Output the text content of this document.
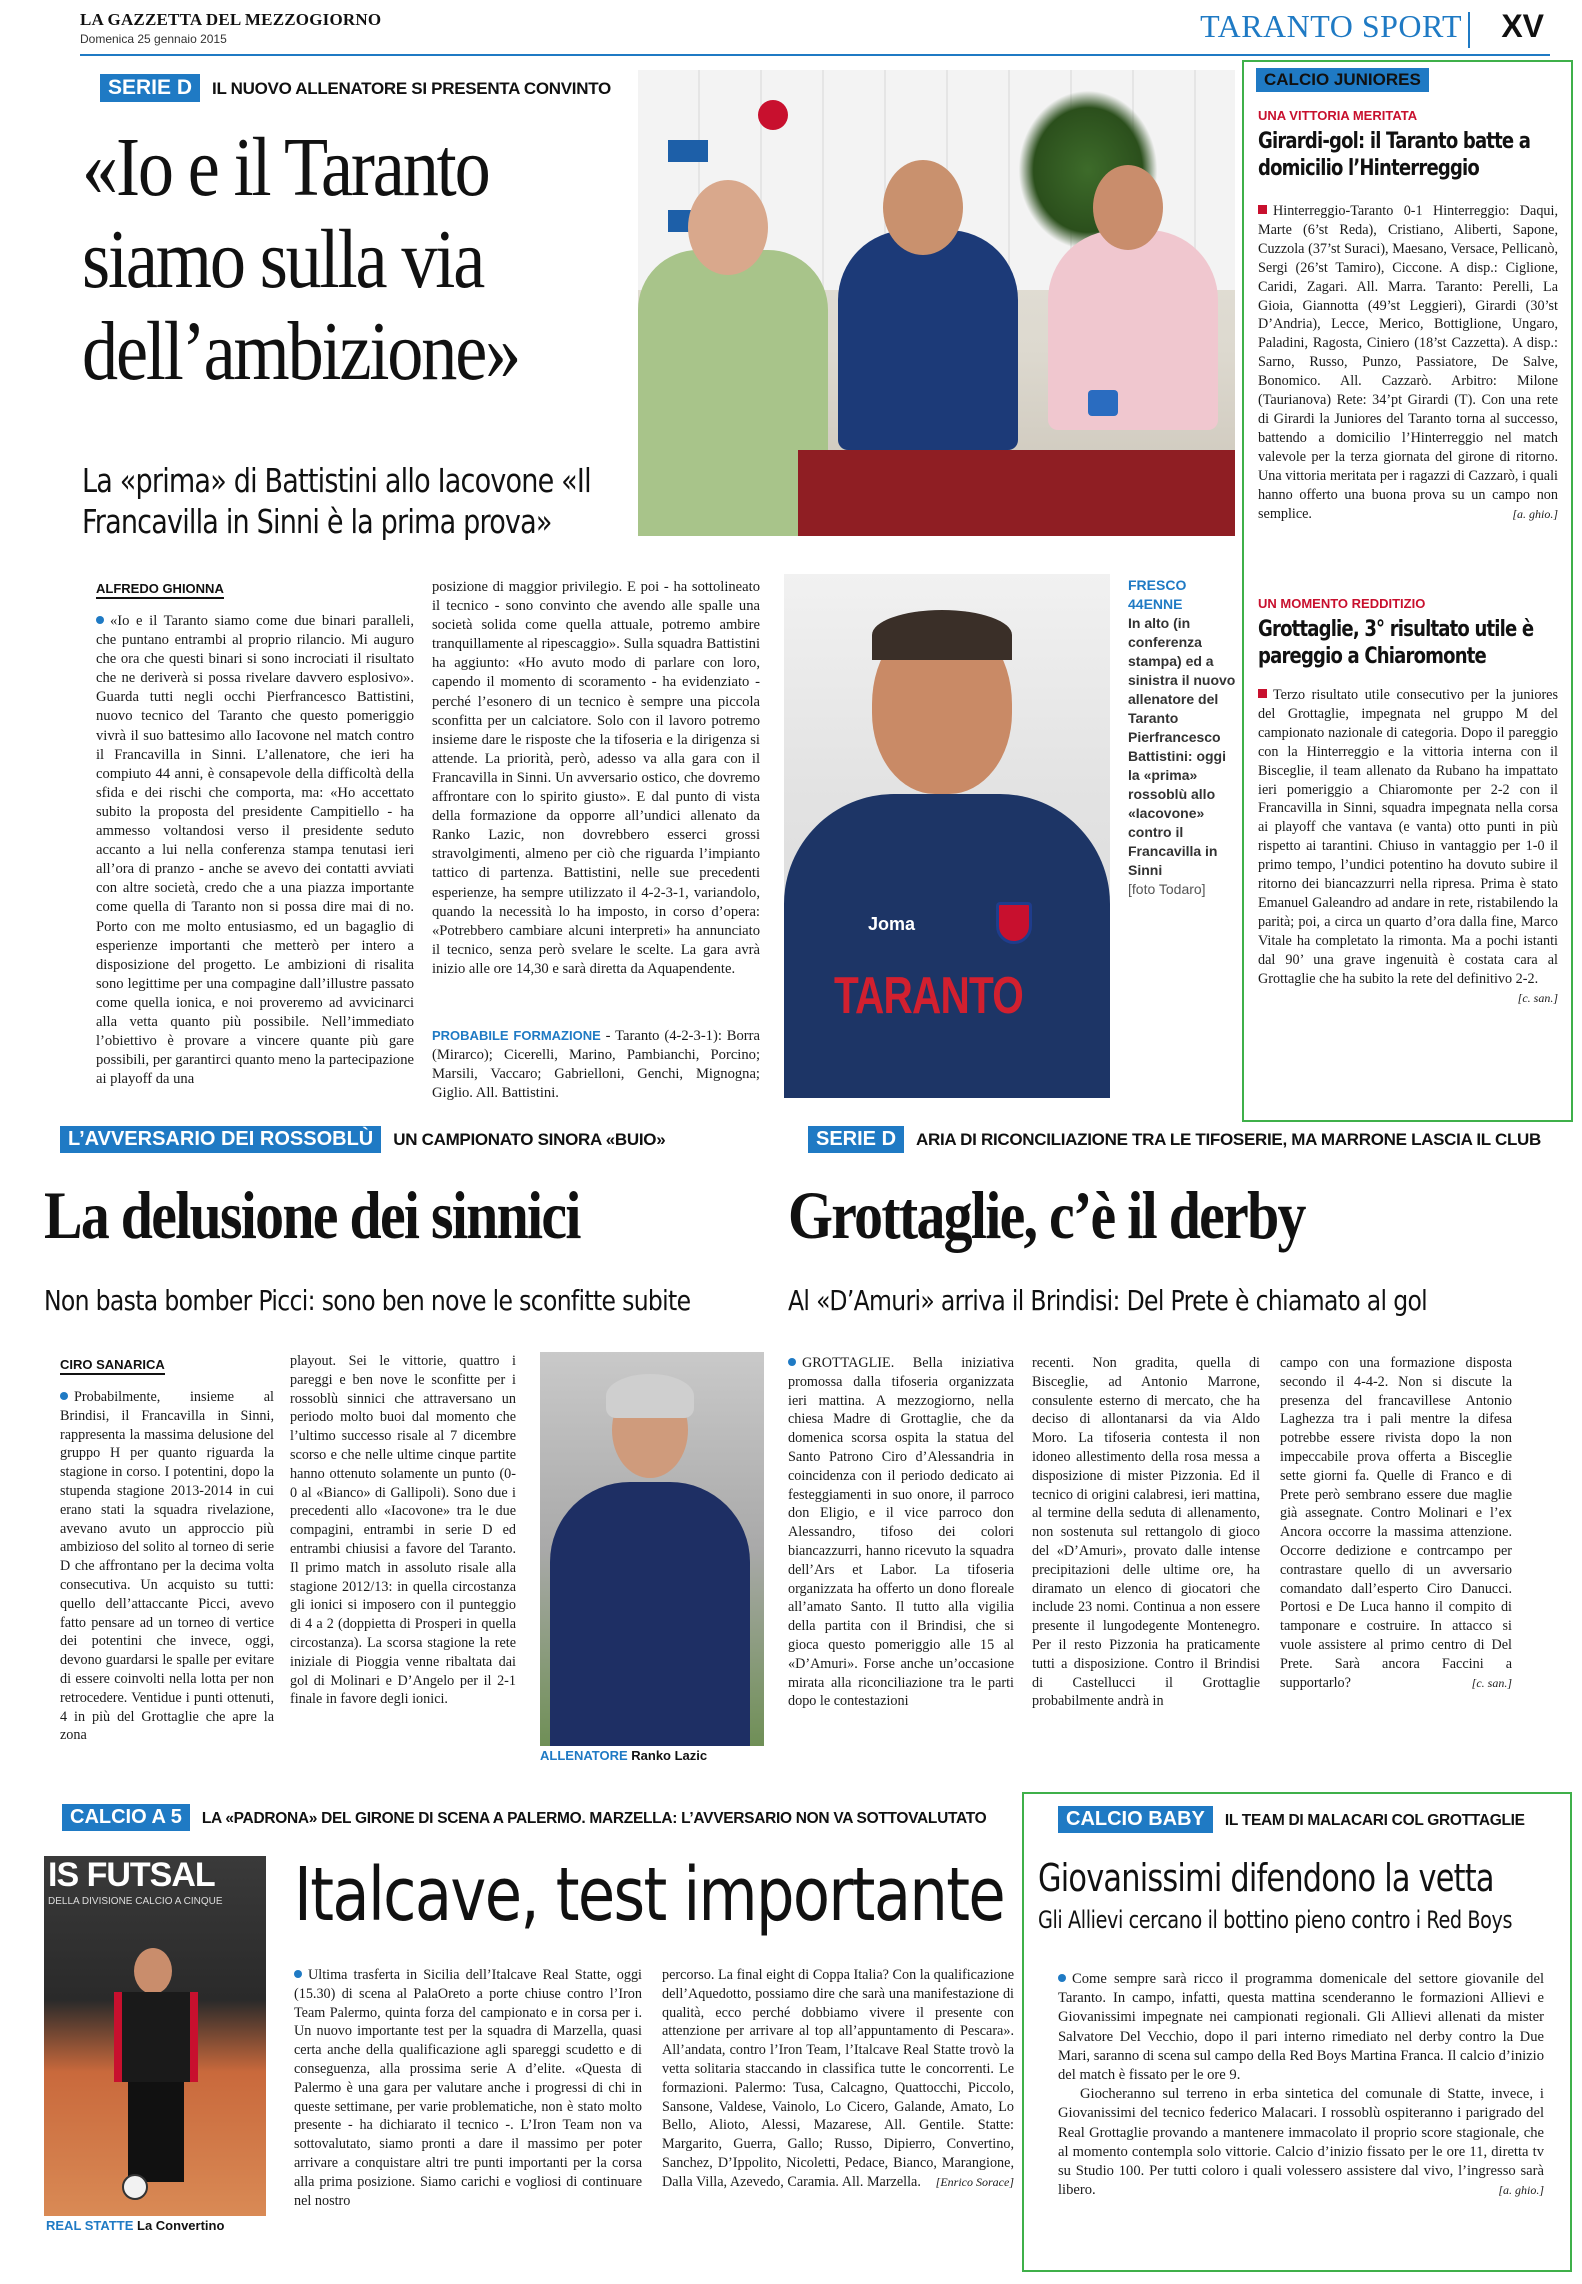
LA GAZZETTA DEL MEZZOGIORNO
Domenica 25 gennaio 2015	TARANTO SPORT XV
SERIE D IL NUOVO ALLENATORE SI PRESENTA CONVINTO
«Io e il Taranto siamo sulla via dell’ambizione»
La «prima» di Battistini allo Iacovone «Il Francavilla in Sinni è la prima prova»
CALCIO JUNIORES
UNA VITTORIA MERITATA
Girardi-gol: il Taranto batte a domicilio l’Hinterreggio
Hinterreggio-Taranto 0-1 Hinterreggio: Daqui, Marte (6’st Reda), Cristiano, Aliberti, Sapone, Cuzzola (37’st Suraci), Maesano, Versace, Pellicanò, Sergi (26’st Tamiro), Ciccone. A disp.: Ciglione, Caridi, Zagari. All. Marra. Taranto: Perelli, La Gioia, Giannotta (49’st Leggieri), Girardi (30’st D’Andria), Lecce, Merico, Bottiglione, Ungaro, Paladini, Ragosta, Ciniero (18’st Cazzetta). A disp.: Sarno, Russo, Punzo, Passiatore, De Salve, Bonomico. All. Cazzarò. Arbitro: Milone (Taurianova) Rete: 34’pt Girardi (T). Con una rete di Girardi la Juniores del Taranto torna al successo, battendo a domicilio l’Hinterreggio nel match valevole per la terza giornata del girone di ritorno. Una vittoria meritata per i ragazzi di Cazzarò, i quali hanno offerto una buona prova su un campo non semplice.	[a. ghio.]
UN MOMENTO REDDITIZIO
Grottaglie, 3° risultato utile è pareggio a Chiaromonte
Terzo risultato utile consecutivo per la juniores del Grottaglie, impegnata nel gruppo M del campionato nazionale di categoria. Dopo il pareggio con la Hinterreggio e la vittoria interna con il Bisceglie, il team allenato da Rubano ha impattato ieri pomeriggio a Chiaromonte per 2-2 con il Francavilla in Sinni, squadra impegnata nella corsa ai playoff che vantava (e vanta) otto punti in più rispetto ai tarantini. Chiuso in vantaggio per 1-0 il primo tempo, l’undici potentino ha dovuto subire il ritorno dei biancazzurri nella ripresa. Prima è stato Emanuel Galeandro ad andare in rete, ristabilendo la parità; poi, a circa un quarto d’ora dalla fine, Marco Vitale ha completato la rimonta. Ma a pochi istanti dal 90’ una grave ingenuità è costata cara al Grottaglie che ha subito la rete del definitivo 2-2.
[c. san.]
ALFREDO GHIONNA
«Io e il Taranto siamo come due binari paralleli, che puntano entrambi al proprio rilancio. Mi auguro che ora che questi binari si sono incrociati il risultato che ne deriverà si possa rivelare davvero esplosivo». Guarda tutti negli occhi Pierfrancesco Battistini, nuovo tecnico del Taranto che questo pomeriggio vivrà il suo battesimo allo Iacovone nel match contro il Francavilla in Sinni. L’allenatore, che ieri ha compiuto 44 anni, è consapevole della difficoltà della sfida e dei rischi che comporta, ma: «Ho accettato subito la proposta del presidente Campitiello - ha ammesso voltandosi verso il presidente seduto accanto a lui nella conferenza stampa tenutasi ieri all’ora di pranzo - anche se avevo dei contatti avviati con altre società, credo che a una piazza importante come quella di Taranto non si possa dire mai di no. Porto con me molto entusiasmo, ed un bagaglio di esperienze importanti che metterò per intero a disposizione del progetto. Le ambizioni di risalita sono legittime per una compagine dall’illustre passato come quella ionica, e noi proveremo ad avvicinarci alla vetta quanto più possibile. Nell’immediato l’obiettivo è provare a vincere quante più gare possibili, per garantirci quanto meno la partecipazione ai playoff da una
posizione di maggior privilegio. E poi - ha sottolineato il tecnico - sono convinto che avendo alle spalle una società solida come quella attuale, potremo ambire tranquillamente al ripescaggio». Sulla squadra Battistini ha aggiunto: «Ho avuto modo di parlare con loro, capendo il momento di scoramento - ha evidenziato - perché l’esonero di un tecnico è sempre una piccola sconfitta per un calciatore. Solo con il lavoro potremo insieme dare le risposte che la tifoseria e la dirigenza si attende. La priorità, però, adesso va alla gara con il Francavilla in Sinni. Un avversario ostico, che dovremo affrontare con lo spirito giusto». E dal punto di vista della formazione da opporre all’undici allenato da Ranko Lazic, non dovrebbero esserci grossi stravolgimenti, almeno per ciò che riguarda l’impianto tattico di partenza. Battistini, nelle sue precedenti esperienze, ha sempre utilizzato il 4-2-3-1, variandolo, quando la necessità lo ha imposto, in corso d’opera: «Potrebbero cambiare alcuni interpreti» ha annunciato il tecnico, senza però svelare le scelte. La gara avrà inizio alle ore 14,30 e sarà diretta da Aquapendente.
PROBABILE FORMAZIONE - Taranto (4-2-3-1): Borra (Mirarco); Cicerelli, Marino, Pambianchi, Porcino; Marsili, Vaccaro; Gabrielloni, Genchi, Mignogna; Giglio. All. Battistini.
Joma
TARANTO
FRESCO 44ENNE
In alto (in conferenza stampa) ed a sinistra il nuovo allenatore del Taranto Pierfrancesco Battistini: oggi la «prima» rossoblù allo «Iacovone» contro il Francavilla in Sinni
[foto Todaro]
L’AVVERSARIO DEI ROSSOBLÙ UN CAMPIONATO SINORA «BUIO»
La delusione dei sinnici
Non basta bomber Picci: sono ben nove le sconfitte subite
CIRO SANARICA
Probabilmente, insieme al Brindisi, il Francavilla in Sinni, rappresenta la massima delusione del gruppo H per quanto riguarda la stagione in corso. I potentini, dopo la stupenda stagione 2013-2014 in cui erano stati la squadra rivelazione, avevano avuto un approccio più ambizioso del solito al torneo di serie D che affrontano per la decima volta consecutiva. Un acquisto su tutti: quello dell’attaccante Picci, avevo fatto pensare ad un torneo di vertice dei potentini che invece, oggi, devono guardarsi le spalle per evitare di essere coinvolti nella lotta per non retrocedere. Ventidue i punti ottenuti, 4 in più del Grottaglie che apre la zona
playout. Sei le vittorie, quattro i pareggi e ben nove le sconfitte per i rossoblù sinnici che attraversano un periodo molto buoi dal momento che l’ultimo successo risale al 7 dicembre scorso e che nelle ultime cinque partite hanno ottenuto solamente un punto (0-0 al «Bianco» di Gallipoli). Sono due i precedenti allo «Iacovone» tra le due compagini, entrambi in serie D ed entrambi chiusisi a favore del Taranto. Il primo match in assoluto risale alla stagione 2012/13: in quella circostanza gli ionici si imposero con il punteggio di 4 a 2 (doppietta di Prosperi in quella circostanza). La scorsa stagione la rete iniziale di Pioggia venne ribaltata dai gol di Molinari e D’Angelo per il 2-1 finale in favore degli ionici.
ALLENATORE Ranko Lazic
SERIE D ARIA DI RICONCILIAZIONE TRA LE TIFOSERIE, MA MARRONE LASCIA IL CLUB
Grottaglie, c’è il derby
Al «D’Amuri» arriva il Brindisi: Del Prete è chiamato al gol
GROTTAGLIE. Bella iniziativa promossa dalla tifoseria organizzata ieri mattina. A mezzogiorno, nella chiesa Madre di Grottaglie, che da domenica scorsa ospita la statua del Santo Patrono Ciro d’Alessandria in coincidenza con il periodo dedicato ai festeggiamenti in suo onore, il parroco don Eligio, e il vice parroco don Alessandro, tifoso dei colori biancazzurri, hanno ricevuto la squadra dell’Ars et Labor. La tifoseria organizzata ha offerto un dono floreale all’amato Santo. Il tutto alla vigilia della partita con il Brindisi, che si gioca questo pomeriggio alle 15 al «D’Amuri». Forse anche un’occasione mirata alla riconciliazione tra le parti dopo le contestazioni
recenti. Non gradita, quella di Bisceglie, ad Antonio Marrone, consulente esterno di mercato, che ha deciso di allontanarsi da via Aldo Moro. La tifoseria contesta il non idoneo allestimento della rosa messa a disposizione di mister Pizzonia. Ed il tecnico di origini calabresi, ieri mattina, al termine della seduta di allenamento, non sostenuta sul rettangolo di gioco del «D’Amuri», provato dalle intense precipitazioni delle ultime ore, ha diramato un elenco di giocatori che include 23 nomi. Continua a non essere presente il lungodegente Montenegro. Per il resto Pizzonia ha praticamente tutti a disposizione. Contro il Brindisi di Castellucci il Grottaglie probabilmente andrà in
campo con una formazione disposta secondo il 4-4-2. Non si discute la presenza del francavillese Antonio Laghezza tra i pali mentre la difesa potrebbe essere rivista dopo la non impeccabile prova offerta a Bisceglie sette giorni fa. Quelle di Franco e di Prete però sembrano essere due maglie già assegnate. Contro Molinari e l’ex Ancora occorre la massima attenzione. Occorre dedizione e contrcampo per contrastare quello di un avversario comandato dall’esperto Ciro Danucci. Portosi e De Luca hanno il compito di tamponare e costruire. In attacco si vuole assistere al primo centro di Del Prete. Sarà ancora Faccini a supportarlo?	[c. san.]
CALCIO A 5 LA «PADRONA» DEL GIRONE DI SCENA A PALERMO. MARZELLA: L’AVVERSARIO NON VA SOTTOVALUTATO
IS FUTSAL
DELLA DIVISIONE CALCIO A CINQUE
REAL STATTE La Convertino
Italcave, test importante
Ultima trasferta in Sicilia dell’Italcave Real Statte, oggi (15.30) di scena al PalaOreto a porte chiuse contro l’Iron Team Palermo, quinta forza del campionato e in corsa per i. Un nuovo importante test per la squadra di Marzella, quasi certa anche della qualificazione agli spareggi scudetto e di conseguenza, alla prossima serie A d’elite. «Questa di Palermo è una gara per valutare anche i progressi di chi in queste settimane, per varie problematiche, non è stato molto presente - ha dichiarato il tecnico -. L’Iron Team non va sottovalutato, siamo pronti a dare il massimo per poter arrivare a conquistare altri tre punti importanti per la corsa alla prima posizione. Siamo carichi e vogliosi di continuare nel nostro
percorso. La final eight di Coppa Italia? Con la qualificazione dell’Aquedotto, possiamo dire che sarà una manifestazione di qualità, ecco perché dobbiamo vivere il presente con attenzione per arrivare al top all’appuntamento di Pescara». All’andata, contro l’Iron Team, l’Italcave Real Statte trovò la vetta solitaria staccando in classifica tutte le concorrenti. Le formazioni. Palermo: Tusa, Calcagno, Quattocchi, Piccolo, Sansone, Valdese, Vainolo, Lo Cicero, Galande, Amato, Lo Bello, Alioto, Alessi, Mazarese, All. Gentile. Statte: Margarito, Guerra, Gallo; Russo, Dipierro, Convertino, Sanchez, D’Ippolito, Nicoletti, Pedace, Bianco, Marangione, Dalla Villa, Azevedo, Caramia. All. Marzella. [Enrico Sorace]
CALCIO BABY IL TEAM DI MALACARI COL GROTTAGLIE
Giovanissimi difendono la vetta
Gli Allievi cercano il bottino pieno contro i Red Boys

Come sempre sarà ricco il programma domenicale del settore giovanile del Taranto. In campo, infatti, questa mattina scenderanno le formazioni Allievi e Giovanissimi impegnate nei campionati regionali. Gli Allievi allenati da mister Salvatore Del Vecchio, dopo il pari interno rimediato nel derby contro la Due Mari, saranno di scena sul campo della Red Boys Martina Franca. Il calcio d’inizio del match è fissato per le ore 9.

Giocheranno sul terreno in erba sintetica del comunale di Statte, invece, i Giovanissimi del tecnico federico Malacari. I rossoblù ospiteranno i parigrado del Real Grottaglie provando a mantenere immacolato il proprio score stagionale, che al momento contempla solo vittorie. Calcio d’inizio fissato per le ore 11, diretta tv su Studio 100. Per tutti coloro i quali volessero assistere dal vivo, l’ingresso sarà libero.	[a. ghio.]
